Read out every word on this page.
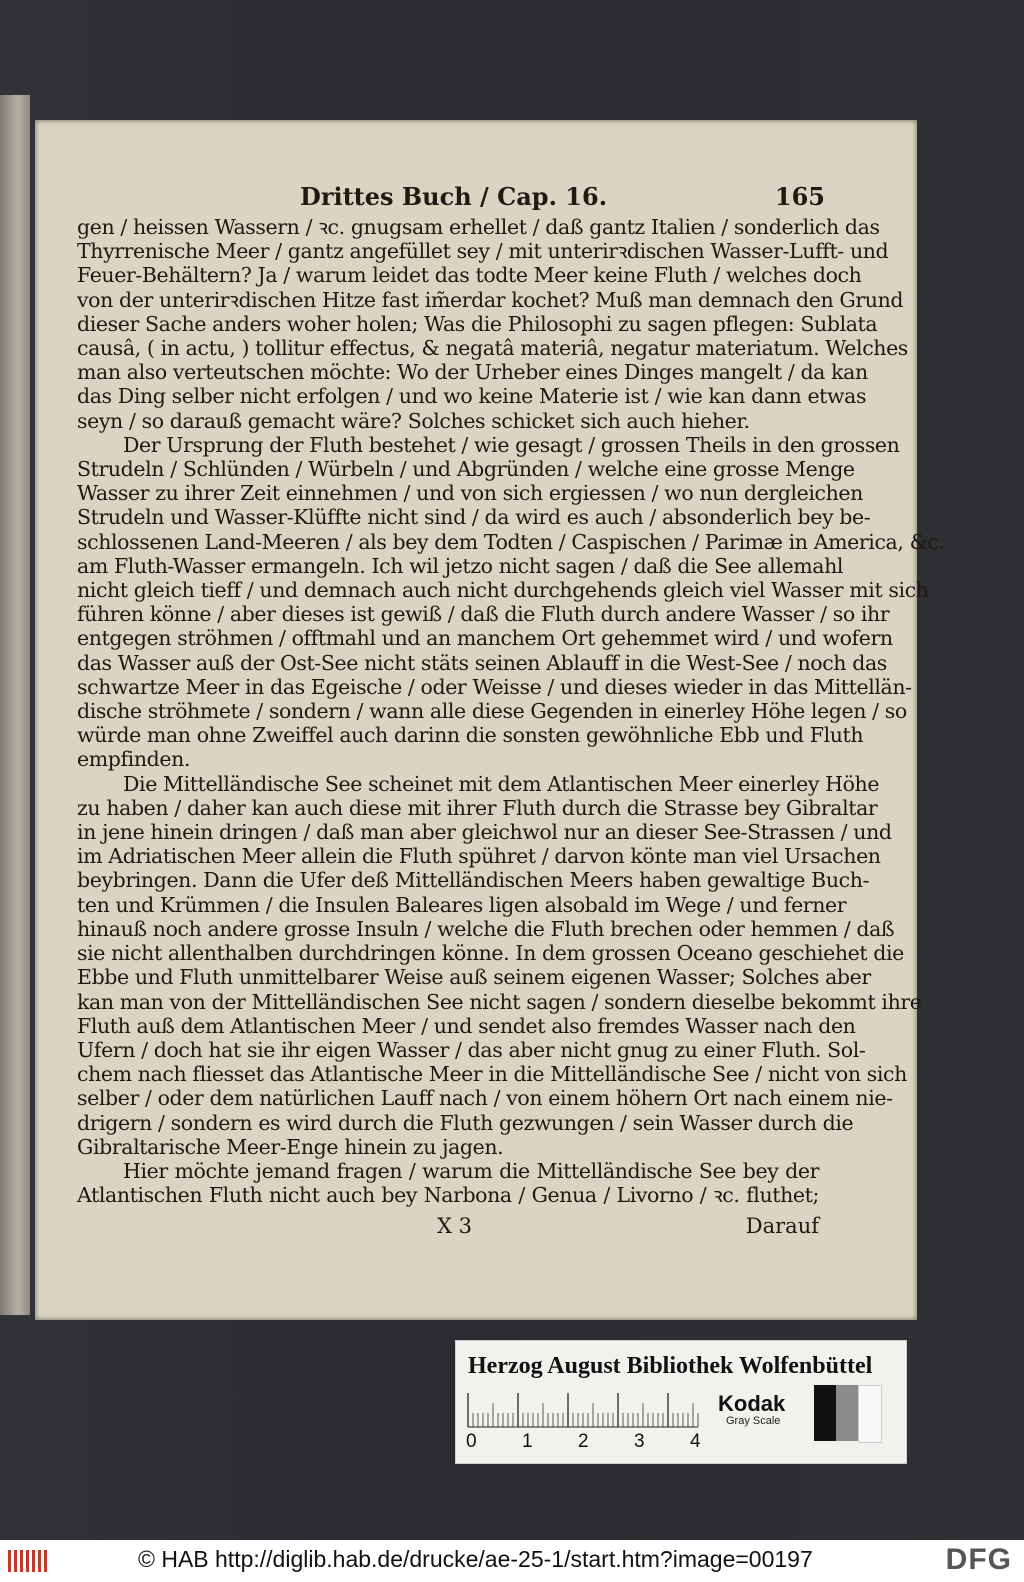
Drittes Buch / Cap. 16.	165
gen / heissen Wassern / ꝛc. gnugsam erhellet / daß gantz Italien / sonderlich das
Thyrrenische Meer / gantz angefüllet sey / mit unterirꝛdischen Wasser-Lufft- und
Feuer-Behältern? Ja / warum leidet das todte Meer keine Fluth / welches doch
von der unterirꝛdischen Hitze fast im̃erdar kochet? Muß man demnach den Grund
dieser Sache anders woher holen; Was die Philosophi zu sagen pflegen: Sublata
causâ, ( in actu, ) tollitur effectus, & negatâ materiâ, negatur materiatum. Welches
man also verteutschen möchte: Wo der Urheber eines Dinges mangelt / da kan
das Ding selber nicht erfolgen / und wo keine Materie ist / wie kan dann etwas
seyn / so darauß gemacht wäre? Solches schicket sich auch hieher.
Der Ursprung der Fluth bestehet / wie gesagt / grossen Theils in den grossen
Strudeln / Schlünden / Würbeln / und Abgründen / welche eine grosse Menge
Wasser zu ihrer Zeit einnehmen / und von sich ergiessen / wo nun dergleichen
Strudeln und Wasser-Klüffte nicht sind / da wird es auch / absonderlich bey be-
schlossenen Land-Meeren / als bey dem Todten / Caspischen / Parimæ in America, &c.
am Fluth-Wasser ermangeln. Ich wil jetzo nicht sagen / daß die See allemahl
nicht gleich tieff / und demnach auch nicht durchgehends gleich viel Wasser mit sich
führen könne / aber dieses ist gewiß / daß die Fluth durch andere Wasser / so ihr
entgegen ströhmen / offtmahl und an manchem Ort gehemmet wird / und wofern
das Wasser auß der Ost-See nicht stäts seinen Ablauff in die West-See / noch das
schwartze Meer in das Egeische / oder Weisse / und dieses wieder in das Mittellän-
dische ströhmete / sondern / wann alle diese Gegenden in einerley Höhe legen / so
würde man ohne Zweiffel auch darinn die sonsten gewöhnliche Ebb und Fluth
empfinden.
Die Mittelländische See scheinet mit dem Atlantischen Meer einerley Höhe
zu haben / daher kan auch diese mit ihrer Fluth durch die Strasse bey Gibraltar
in jene hinein dringen / daß man aber gleichwol nur an dieser See-Strassen / und
im Adriatischen Meer allein die Fluth spühret / darvon könte man viel Ursachen
beybringen. Dann die Ufer deß Mittelländischen Meers haben gewaltige Buch-
ten und Krümmen / die Insulen Baleares ligen alsobald im Wege / und ferner
hinauß noch andere grosse Insuln / welche die Fluth brechen oder hemmen / daß
sie nicht allenthalben durchdringen könne. In dem grossen Oceano geschiehet die
Ebbe und Fluth unmittelbarer Weise auß seinem eigenen Wasser; Solches aber
kan man von der Mittelländischen See nicht sagen / sondern dieselbe bekommt ihre
Fluth auß dem Atlantischen Meer / und sendet also fremdes Wasser nach den
Ufern / doch hat sie ihr eigen Wasser / das aber nicht gnug zu einer Fluth. Sol-
chem nach fliesset das Atlantische Meer in die Mittelländische See / nicht von sich
selber / oder dem natürlichen Lauff nach / von einem höhern Ort nach einem nie-
drigern / sondern es wird durch die Fluth gezwungen / sein Wasser durch die
Gibraltarische Meer-Enge hinein zu jagen.
Hier möchte jemand fragen / warum die Mittelländische See bey der
Atlantischen Fluth nicht auch bey Narbona / Genua / Livorno / ꝛc. fluthet;
X 3	Darauf
Herzog August Bibliothek Wolfenbüttel
0 1 2 3 4
Kodak
Gray Scale
© HAB http://diglib.hab.de/drucke/ae-25-1/start.htm?image=00197	DFG
